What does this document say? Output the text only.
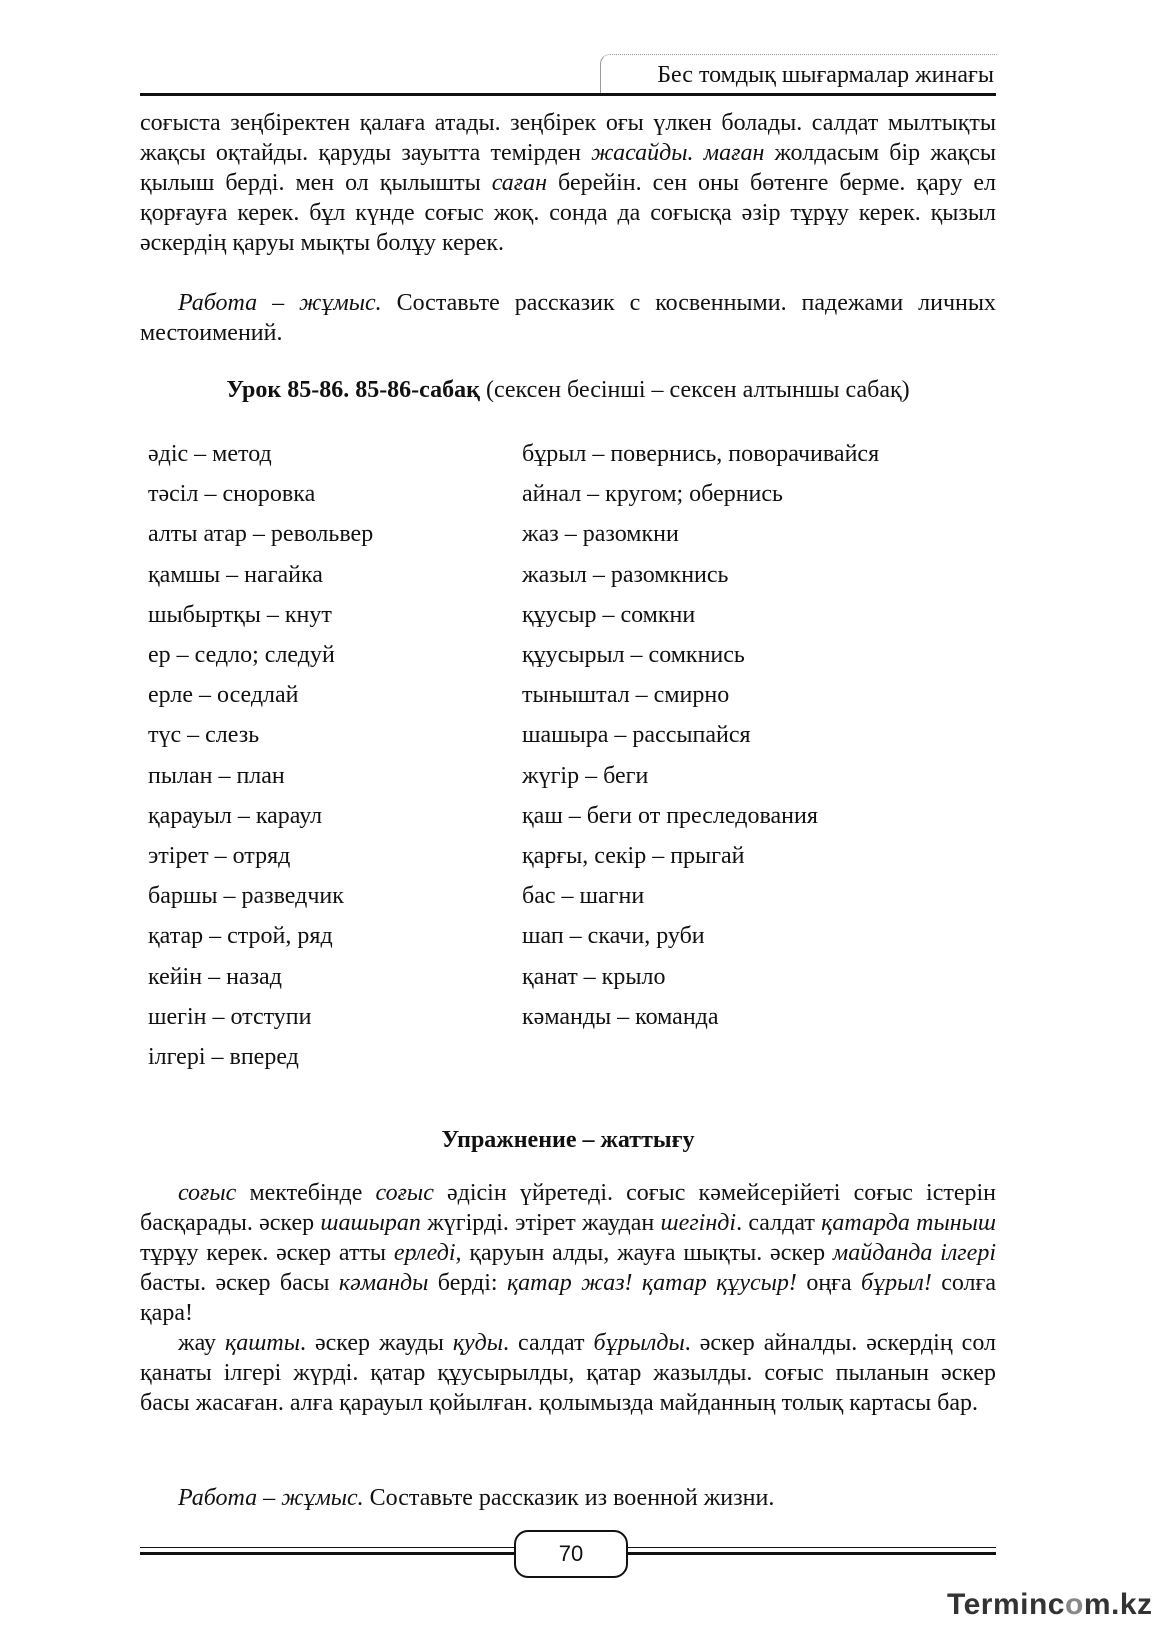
Бес томдық шығармалар жинағы

соғыста зеңбіректен қалаға атады. зеңбірек оғы үлкен болады. салдат мылтықты жақсы оқтайды. қаруды зауытта темірден жасайды. маған жолдасым бір жақсы қылыш берді. мен ол қылышты саған берейін. сен оны бөтенге берме. қару ел қорғауға керек. бұл күнде соғыс жоқ. сонда да соғысқа әзір тұрұу керек. қызыл әскердің қаруы мықты болұу керек.

Работа – жұмыс. Составьте рассказик с косвенными. падежами личных местоимений.

Урок 85-86. 85-86-сабақ (сексен бесінші – сексен алтыншы сабақ)
әдіс – метод
тәсіл – сноровка
алты атар – револьвер
қамшы – нагайка
шыбыртқы – кнут
ер – седло; следуй
ерле – оседлай
түс – слезь
пылан – план
қарауыл – караул
этірет – отряд
баршы – разведчик
қатар – строй, ряд
кейін – назад
шегін – отступи
ілгері – вперед
бұрыл – повернись, поворачивайся
айнал – кругом; обернись
жаз – разомкни
жазыл – разомкнись
құусыр – сомкни
құусырыл – сомкнись
тыныштал – смирно
шашыра – рассыпайся
жүгір – беги
қаш – беги от преследования
қарғы, секір – прыгай
бас – шагни
шап – скачи, руби
қанат – крыло
кәманды – команда
Упражнение – жаттығу

соғыс мектебінде соғыс әдісін үйретеді. соғыс кәмейсерійеті соғыс істерін басқарады. әскер шашырап жүгірді. этірет жаудан шегінді. салдат қатарда тыныш тұрұу керек. әскер атты ерледі, қаруын алды, жауға шықты. әскер майданда ілгері басты. әскер басы кәманды берді: қатар жаз! қатар құусыр! оңға бұрыл! солға қара!

жау қашты. әскер жауды қуды. салдат бұрылды. әскер айналды. әскердің сол қанаты ілгері жүрді. қатар құусырылды, қатар жазылды. соғыс пыланын әскер басы жасаған. алға қарауыл қойылған. қолымызда майданның толық картасы бар.

Работа – жұмыс. Составьте рассказик из военной жизни.

70
Termincom.kz
